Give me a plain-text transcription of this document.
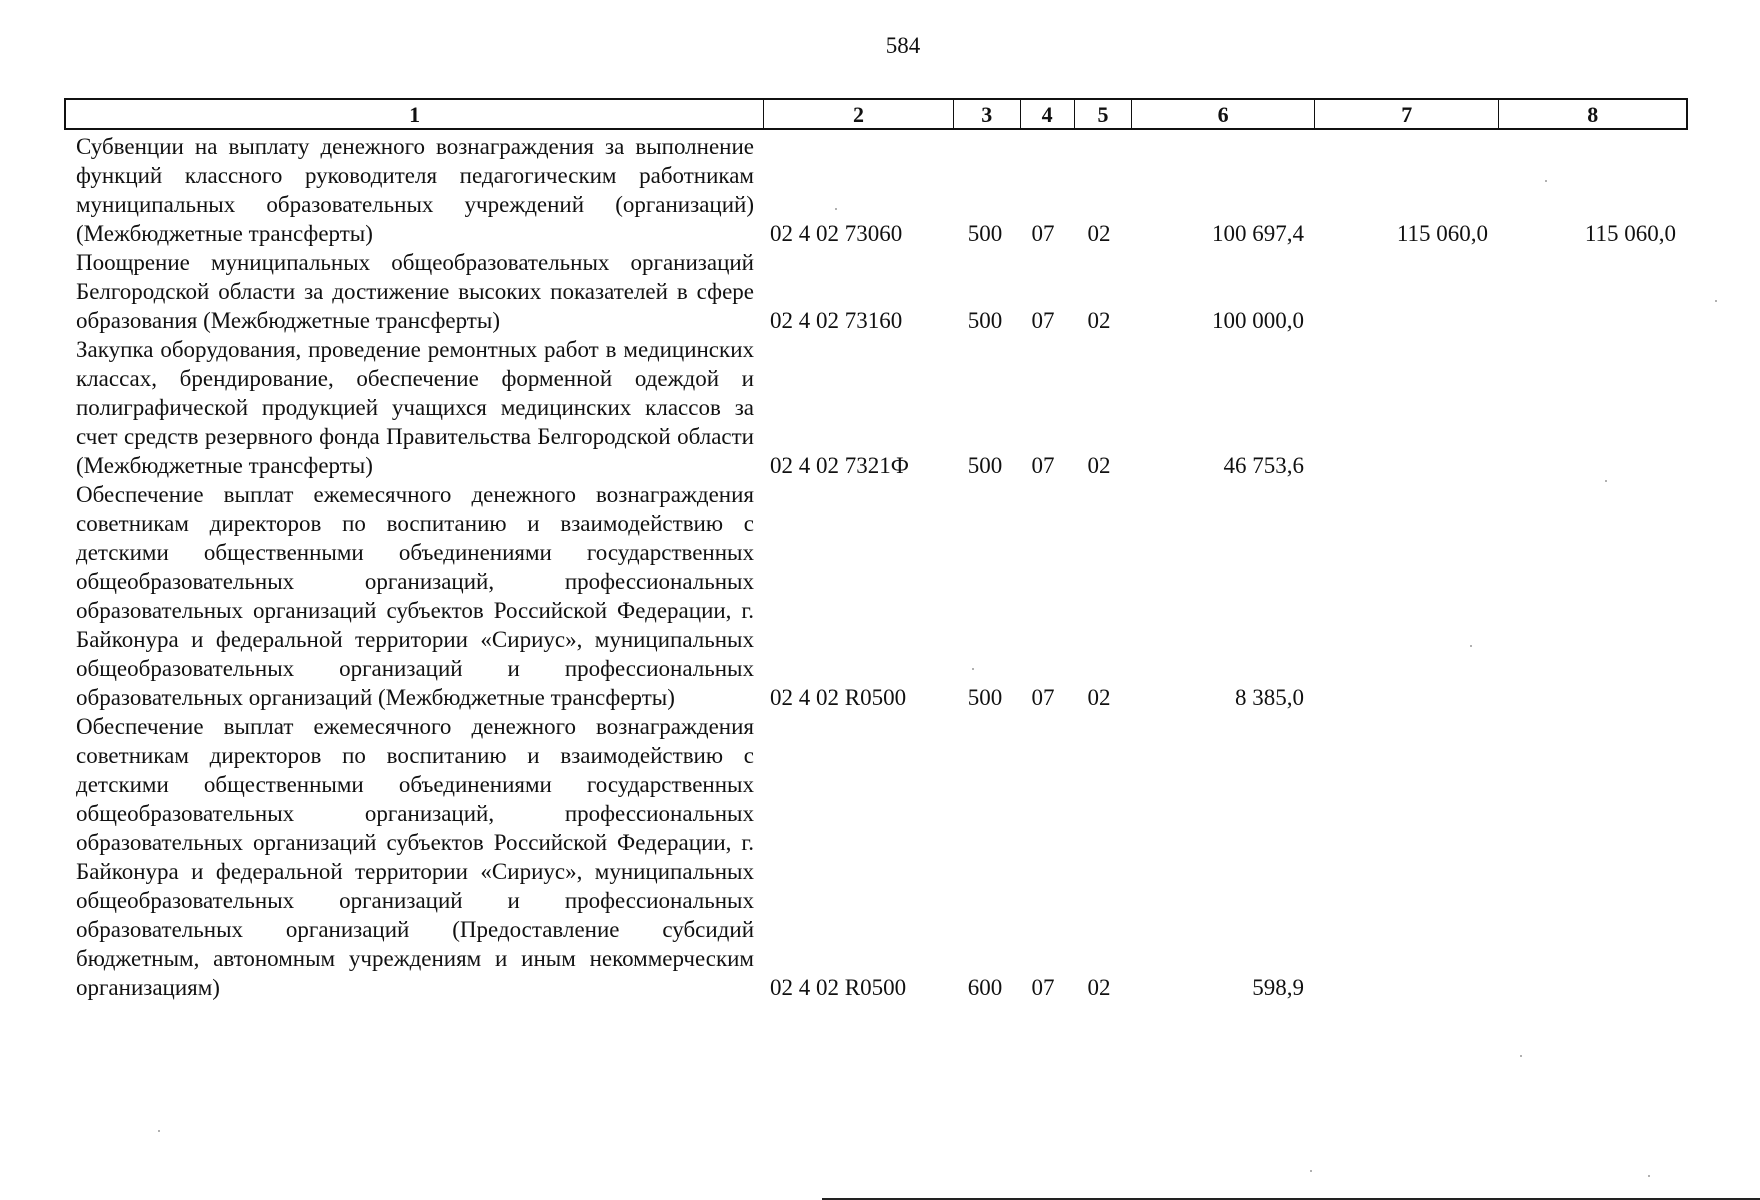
584
1	2	3	4	5	6	7	8
Субвенции на выплату денежного вознаграждения за выполнение функций классного руководителя педагогическим работникам муниципальных образовательных учреждений (организаций) (Межбюджетные трансферты)	02 4 02 73060	500	07	02	100 697,4	115 060,0	115 060,0
Поощрение муниципальных общеобразовательных организаций Белгородской области за достижение высоких показателей в сфере образования (Межбюджетные трансферты)	02 4 02 73160	500	07	02	100 000,0
Закупка оборудования, проведение ремонтных работ в медицинских классах, брендирование, обеспечение форменной одеждой и полиграфической продукцией учащихся медицинских классов за счет средств резервного фонда Правительства Белгородской области (Межбюджетные трансферты)	02 4 02 7321Ф	500	07	02	46 753,6
Обеспечение выплат ежемесячного денежного вознаграждения советникам директоров по воспитанию и взаимодействию с детскими общественными объединениями государственных общеобразовательных организаций, профессиональных образовательных организаций субъектов Российской Федерации, г. Байконура и федеральной территории «Сириус», муниципальных общеобразовательных организаций и профессиональных образовательных организаций (Межбюджетные трансферты)	02 4 02 R0500	500	07	02	8 385,0
Обеспечение выплат ежемесячного денежного вознаграждения советникам директоров по воспитанию и взаимодействию с детскими общественными объединениями государственных общеобразовательных организаций, профессиональных образовательных организаций субъектов Российской Федерации, г. Байконура и федеральной территории «Сириус», муниципальных общеобразовательных организаций и профессиональных образовательных организаций (Предоставление субсидий бюджетным, автономным учреждениям и иным некоммерческим организациям)	02 4 02 R0500	600	07	02	598,9
